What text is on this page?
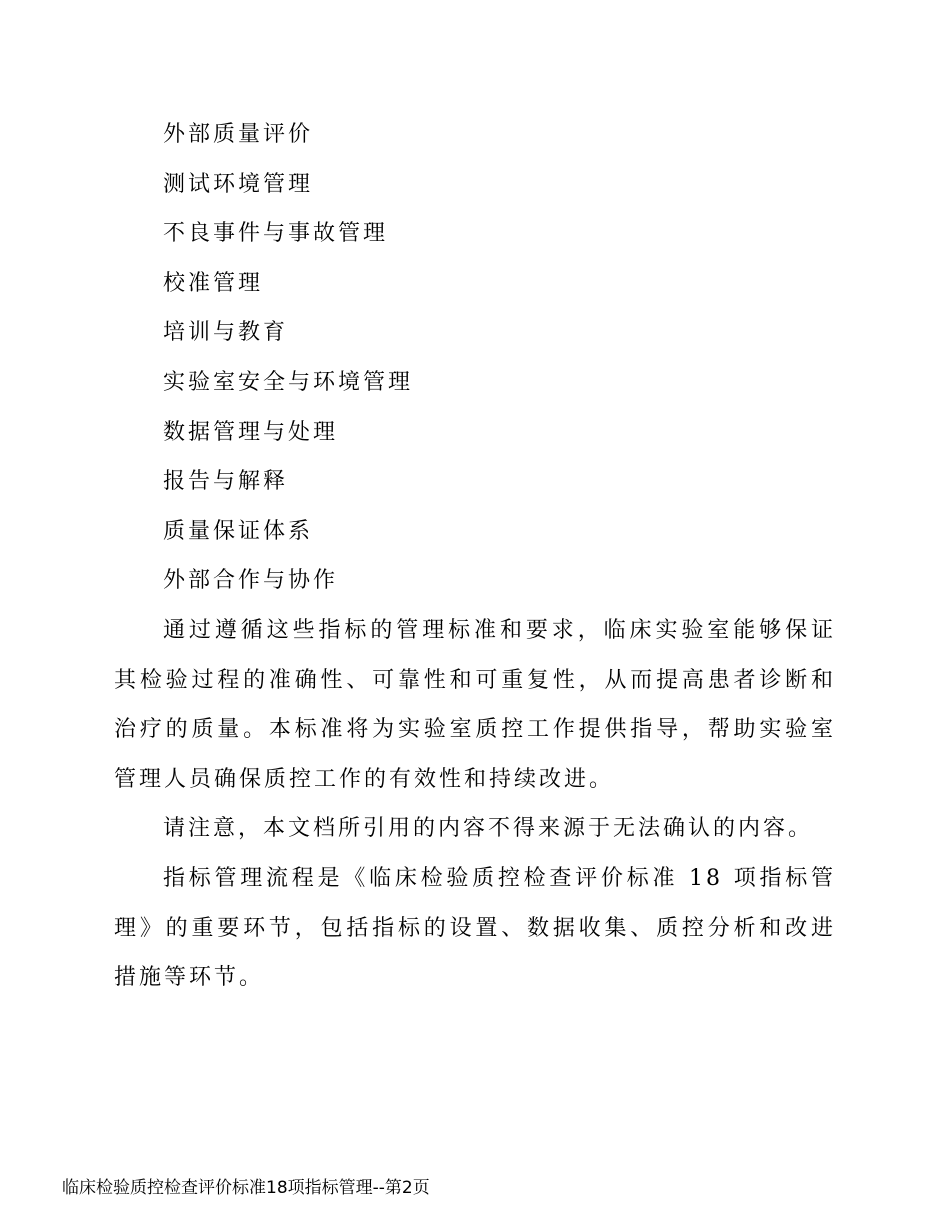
外部质量评价
测试环境管理
不良事件与事故管理
校准管理
培训与教育
实验室安全与环境管理
数据管理与处理
报告与解释
质量保证体系
外部合作与协作

通过遵循这些指标的管理标准和要求，临床实验室能够保证其检验过程的准确性、可靠性和可重复性，从而提高患者诊断和治疗的质量。本标准将为实验室质控工作提供指导，帮助实验室管理人员确保质控工作的有效性和持续改进。

请注意，本文档所引用的内容不得来源于无法确认的内容。

指标管理流程是《临床检验质控检查评价标准 18 项指标管理》的重要环节，包括指标的设置、数据收集、质控分析和改进措施等环节。

临床检验质控检查评价标准18项指标管理--第2页
